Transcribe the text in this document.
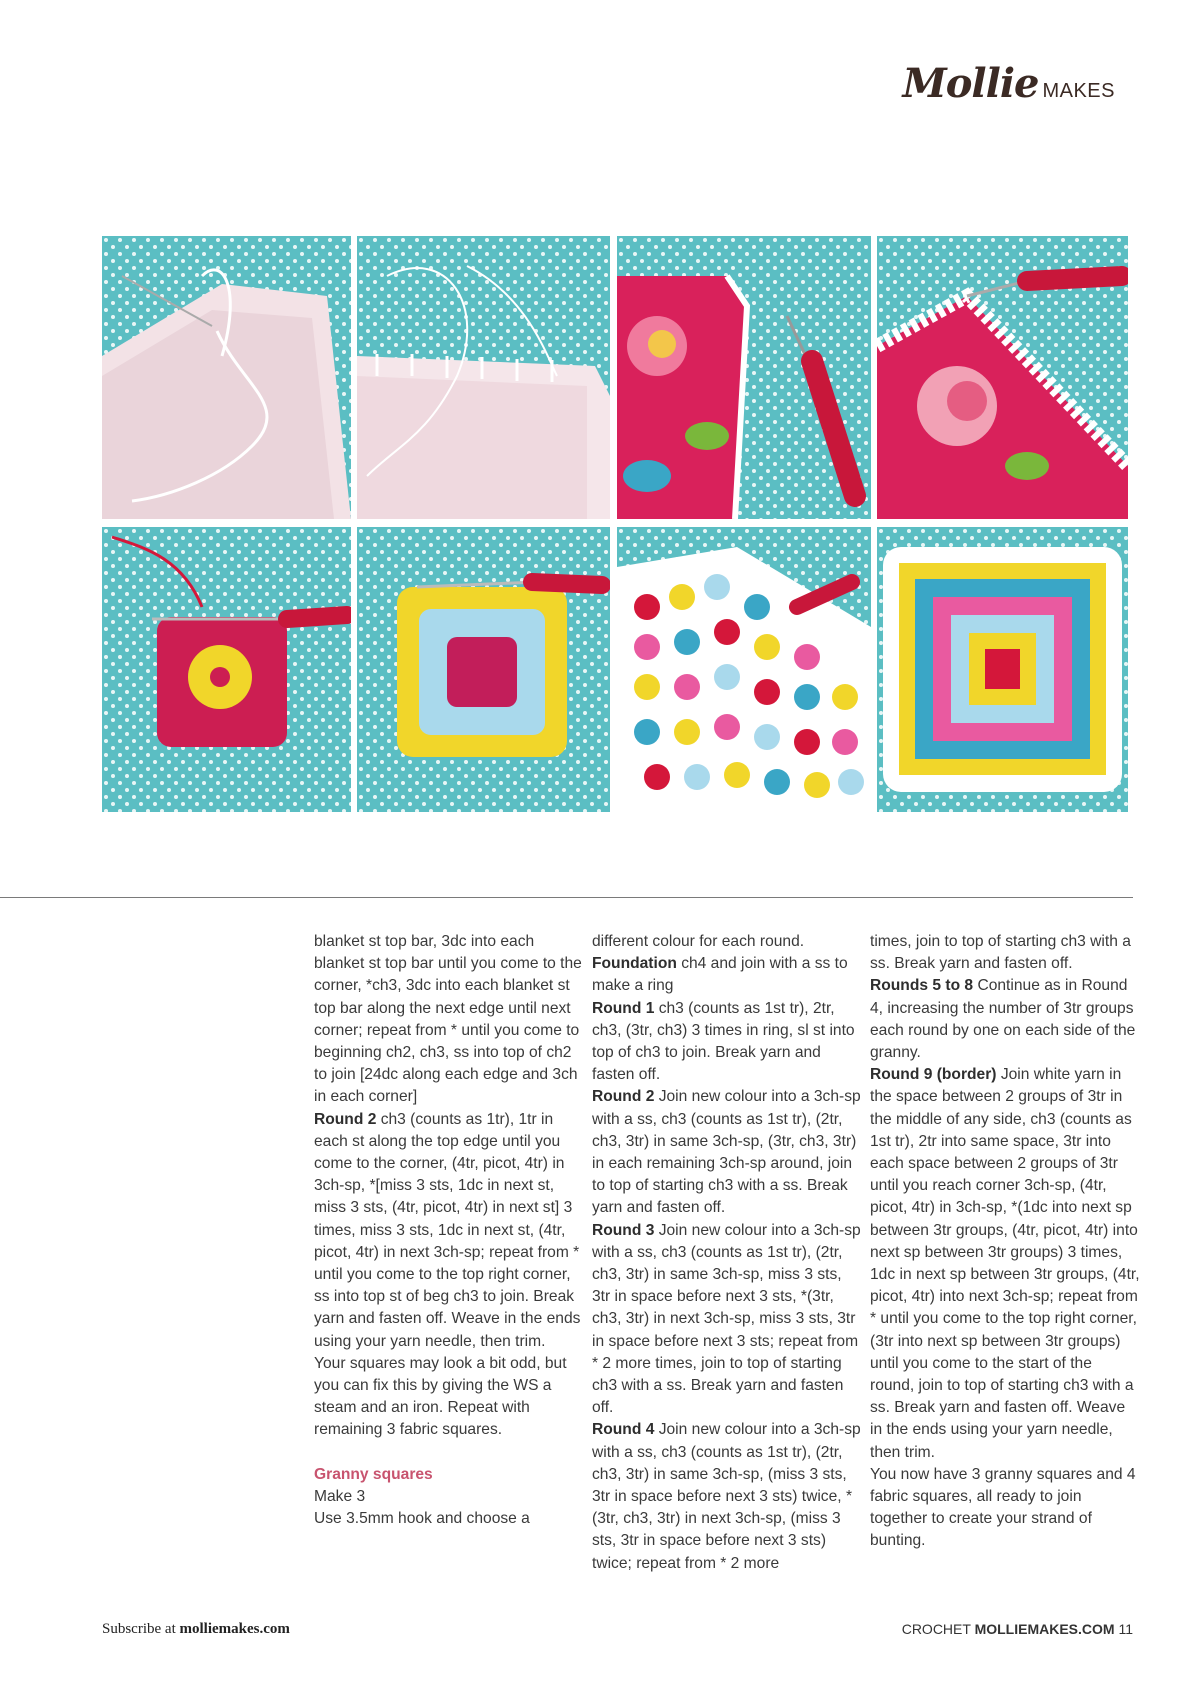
Mollie MAKES

blanket st top bar, 3dc into each blanket st top bar until you come to the corner, *ch3, 3dc into each blanket st top bar along the next edge until next corner; repeat from * until you come to beginning ch2, ch3, ss into top of ch2 to join [24dc along each edge and 3ch in each corner]

Round 2 ch3 (counts as 1tr), 1tr in each st along the top edge until you come to the corner, (4tr, picot, 4tr) in 3ch-sp, *[miss 3 sts, 1dc in next st, miss 3 sts, (4tr, picot, 4tr) in next st] 3 times, miss 3 sts, 1dc in next st, (4tr, picot, 4tr) in next 3ch-sp; repeat from * until you come to the top right corner, ss into top st of beg ch3 to join. Break yarn and fasten off. Weave in the ends using your yarn needle, then trim.

Your squares may look a bit odd, but you can fix this by giving the WS a steam and an iron. Repeat with remaining 3 fabric squares.

Granny squares

Make 3

Use 3.5mm hook and choose a

different colour for each round.

Foundation ch4 and join with a ss to make a ring

Round 1 ch3 (counts as 1st tr), 2tr, ch3, (3tr, ch3) 3 times in ring, sl st into top of ch3 to join. Break yarn and fasten off.

Round 2 Join new colour into a 3ch-sp with a ss, ch3 (counts as 1st tr), (2tr, ch3, 3tr) in same 3ch-sp, (3tr, ch3, 3tr) in each remaining 3ch-sp around, join to top of starting ch3 with a ss. Break yarn and fasten off.

Round 3 Join new colour into a 3ch-sp with a ss, ch3 (counts as 1st tr), (2tr, ch3, 3tr) in same 3ch-sp, miss 3 sts, 3tr in space before next 3 sts, *(3tr, ch3, 3tr) in next 3ch-sp, miss 3 sts, 3tr in space before next 3 sts; repeat from * 2 more times, join to top of starting ch3 with a ss. Break yarn and fasten off.

Round 4 Join new colour into a 3ch-sp with a ss, ch3 (counts as 1st tr), (2tr, ch3, 3tr) in same 3ch-sp, (miss 3 sts, 3tr in space before next 3 sts) twice, *(3tr, ch3, 3tr) in next 3ch-sp, (miss 3 sts, 3tr in space before next 3 sts) twice; repeat from * 2 more

times, join to top of starting ch3 with a ss. Break yarn and fasten off.

Rounds 5 to 8 Continue as in Round 4, increasing the number of 3tr groups each round by one on each side of the granny.

Round 9 (border) Join white yarn in the space between 2 groups of 3tr in the middle of any side, ch3 (counts as 1st tr), 2tr into same space, 3tr into each space between 2 groups of 3tr until you reach corner 3ch-sp, (4tr, picot, 4tr) in 3ch-sp, *(1dc into next sp between 3tr groups, (4tr, picot, 4tr) into next sp between 3tr groups) 3 times, 1dc in next sp between 3tr groups, (4tr, picot, 4tr) into next 3ch-sp; repeat from * until you come to the top right corner, (3tr into next sp between 3tr groups) until you come to the start of the round, join to top of starting ch3 with a ss. Break yarn and fasten off. Weave in the ends using your yarn needle, then trim.

You now have 3 granny squares and 4 fabric squares, all ready to join together to create your strand of bunting.

Subscribe at molliemakes.com	CROCHET MOLLIEMAKES.COM 11
